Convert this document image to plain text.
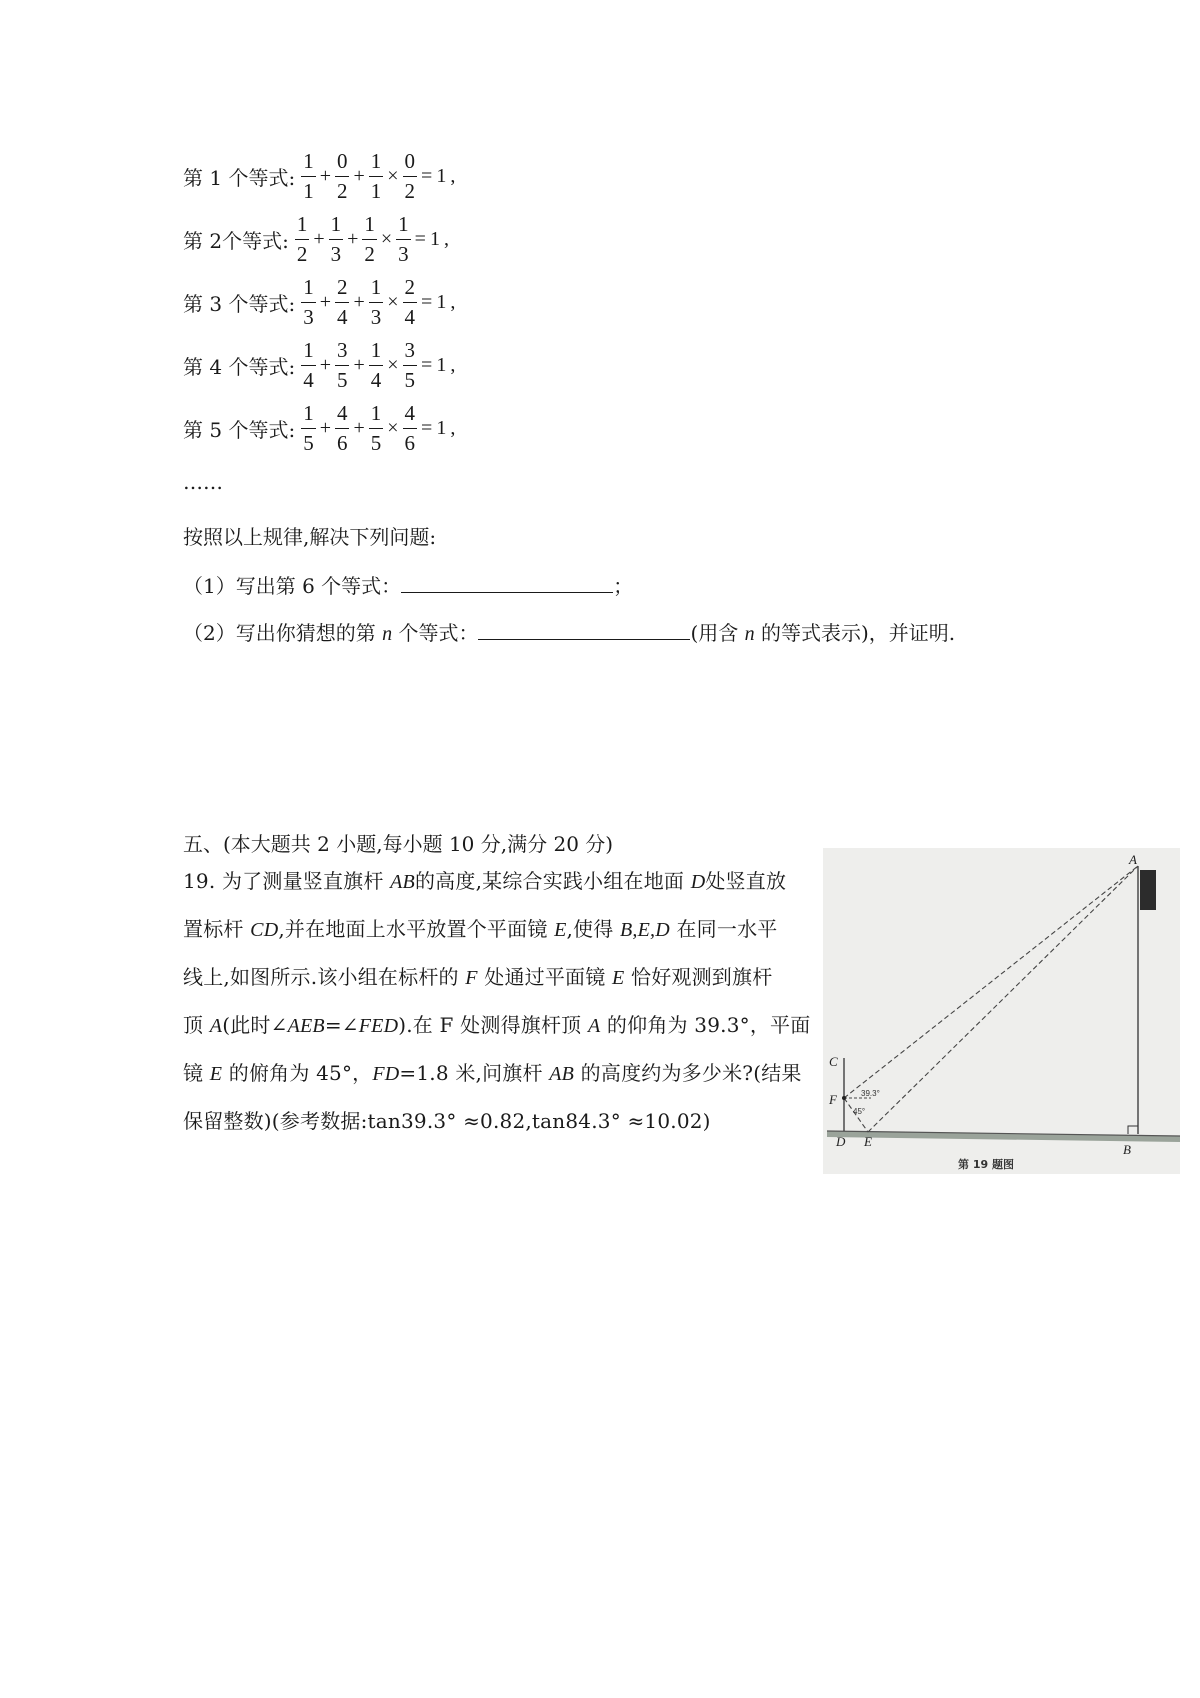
第 1 个等式: $\frac{1}{1} + \frac{0}{2} + \frac{1}{1} \times \frac{0}{2} = 1$ ,
第 2个等式: $\frac{1}{2} + \frac{1}{3} + \frac{1}{2} \times \frac{1}{3} = 1$ ,
第 3 个等式: $\frac{1}{3} + \frac{2}{4} + \frac{1}{3} \times \frac{2}{4} = 1$ ,
第 4 个等式: $\frac{1}{4} + \frac{3}{5} + \frac{1}{4} \times \frac{3}{5} = 1$ ,
第 5 个等式: $\frac{1}{5} + \frac{4}{6} + \frac{1}{5} \times \frac{4}{6} = 1$ ,
……
按照以上规律,解决下列问题:
（1）写出第 6 个等式：	；
（2）写出你猜想的第 n 个等式：	(用含 n 的等式表示)，并证明.
五、(本大题共 2 小题,每小题 10 分,满分 20 分)

19. 为了测量竖直旗杆 AB的高度,某综合实践小组在地面 D处竖直放

置标杆 CD,并在地面上水平放置个平面镜 E,使得 B,E,D 在同一水平

线上,如图所示.该小组在标杆的 F 处通过平面镜 E 恰好观测到旗杆

顶 A(此时∠AEB=∠FED).在 F 处测得旗杆顶 A 的仰角为 39.3°，平面

镜 E 的俯角为 45°，FD=1.8 米,问旗杆 AB 的高度约为多少米?(结果

保留整数)(参考数据:tan39.3° ≈0.82,tan84.3° ≈10.02)

A
B
C
F
D E
39.3°
45°
第 19 题图
